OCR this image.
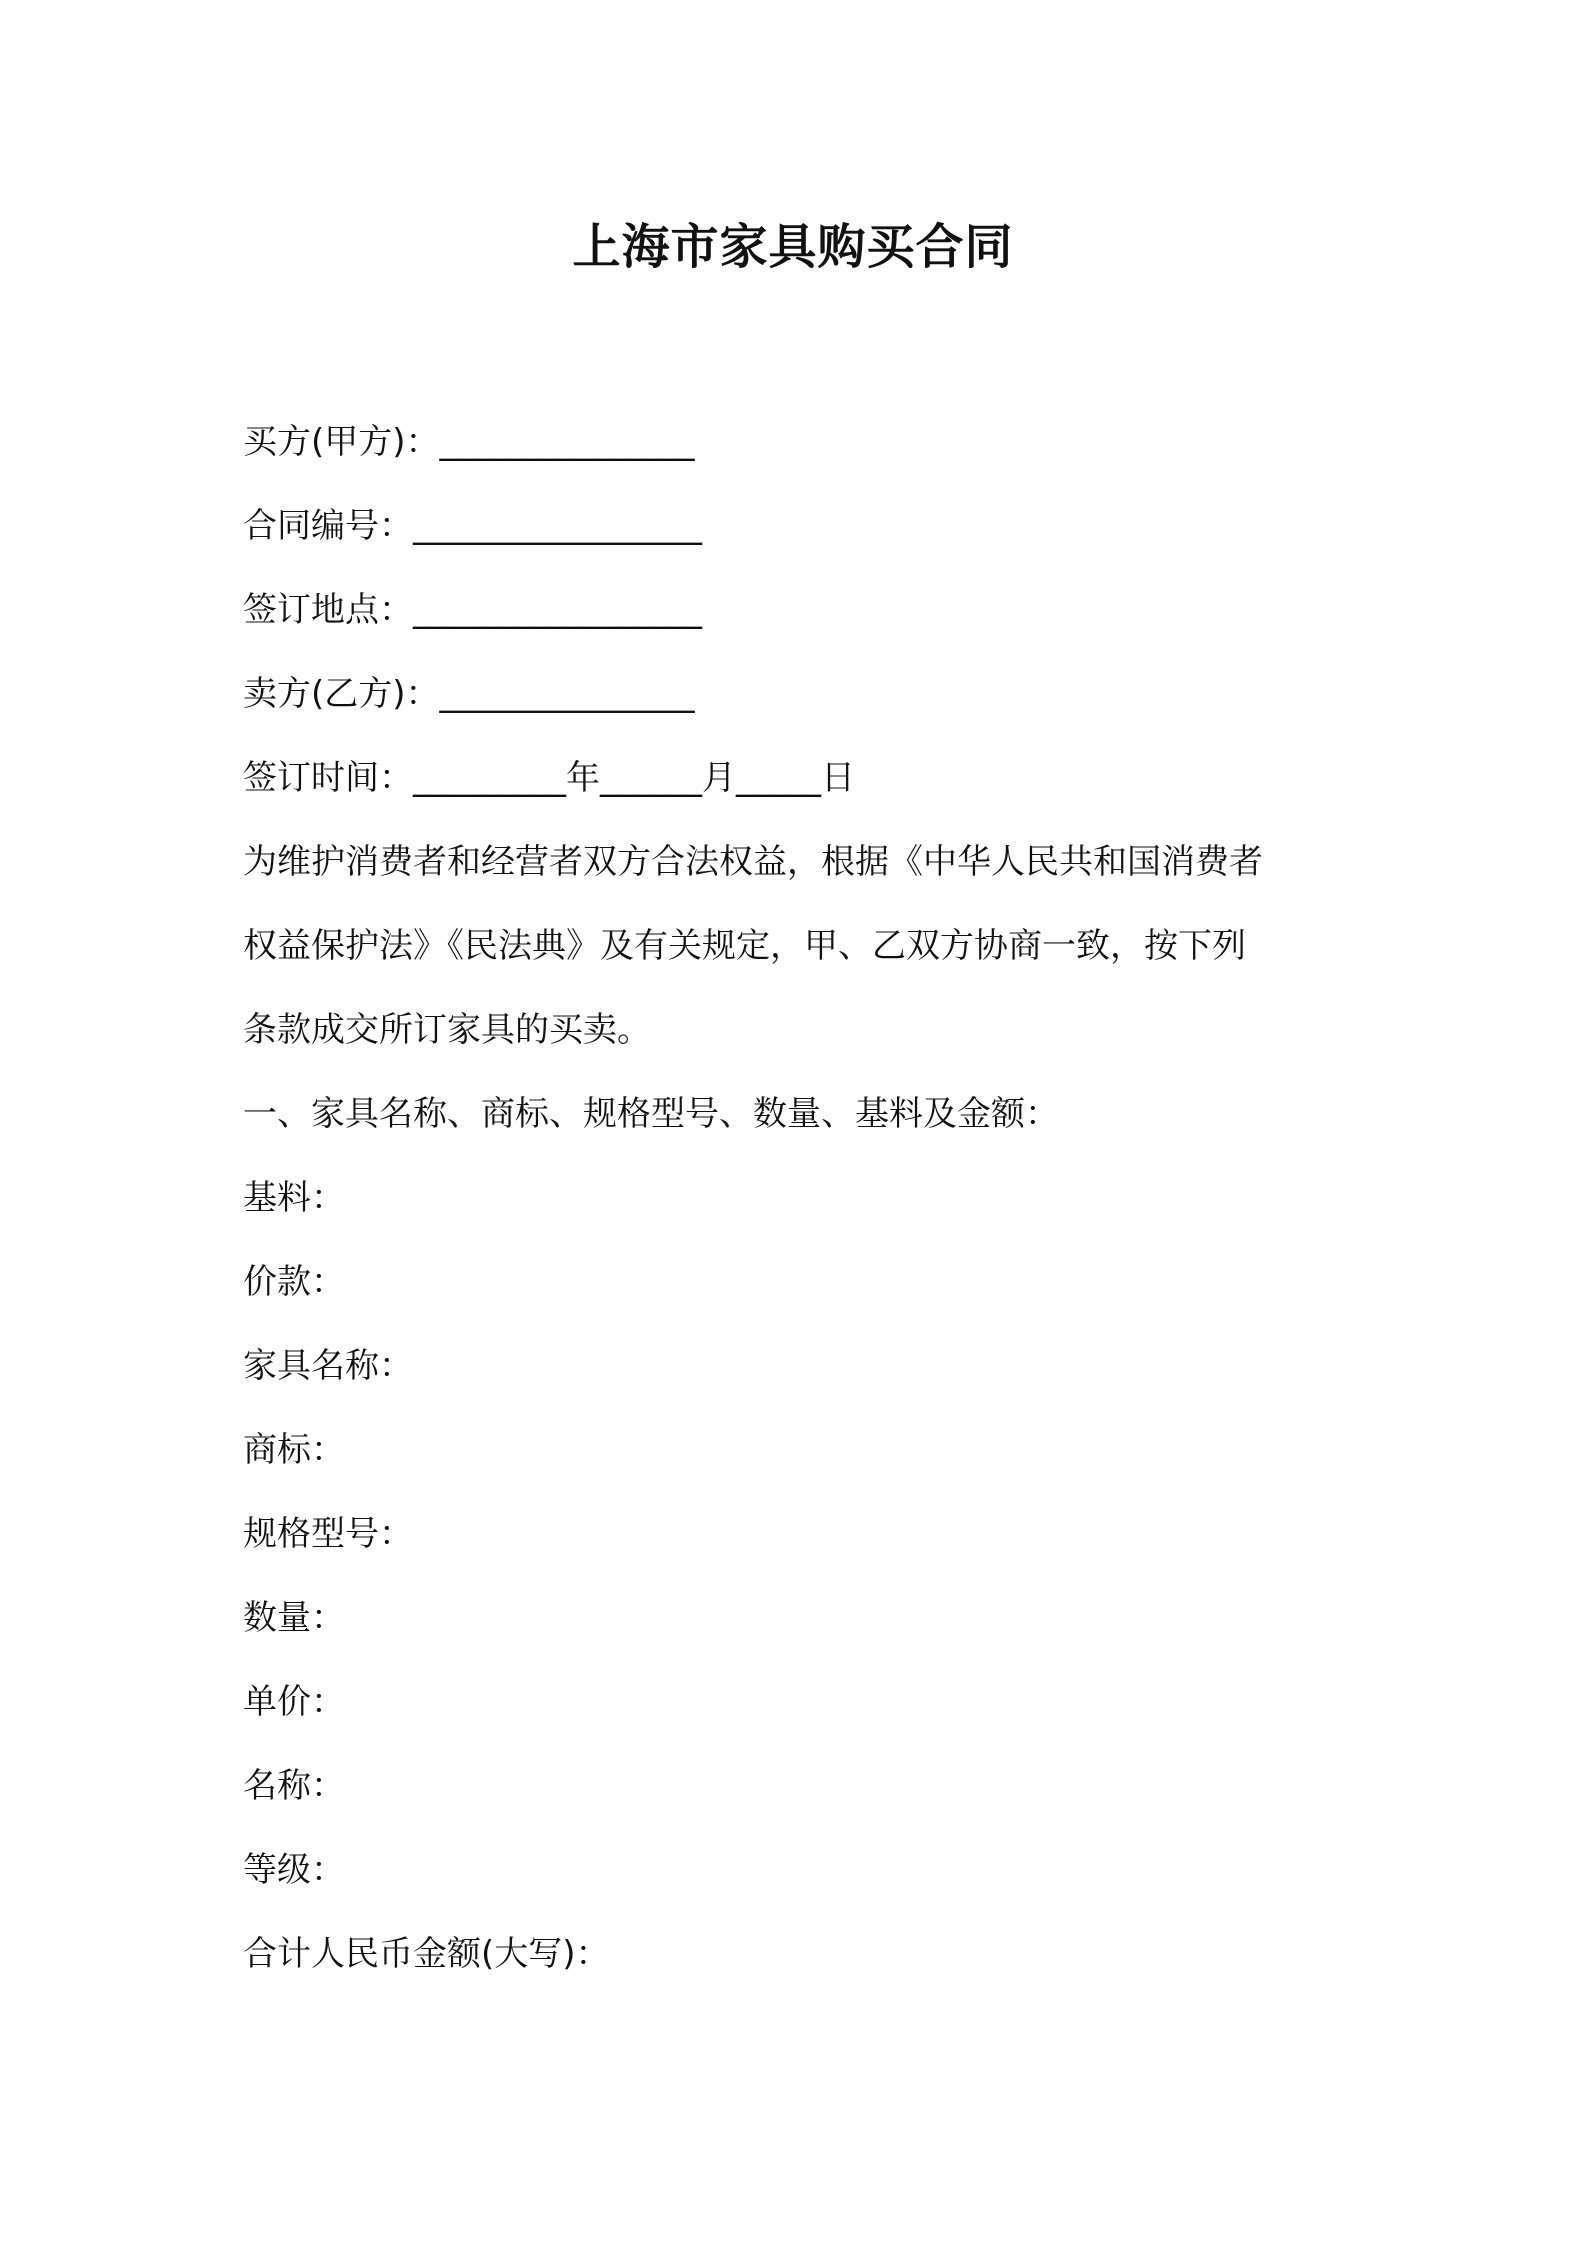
上海市家具购买合同
买方(甲方)：_______________
合同编号：_________________
签订地点：_________________
卖方(乙方)：_______________
签订时间：_________年______月_____日
为维护消费者和经营者双方合法权益，根据《中华人民共和国消费者
权益保护法》《民法典》及有关规定，甲、乙双方协商一致，按下列
条款成交所订家具的买卖。
一、家具名称、商标、规格型号、数量、基料及金额：
基料：
价款：
家具名称：
商标：
规格型号：
数量：
单价：
名称：
等级：
合计人民币金额(大写)：
